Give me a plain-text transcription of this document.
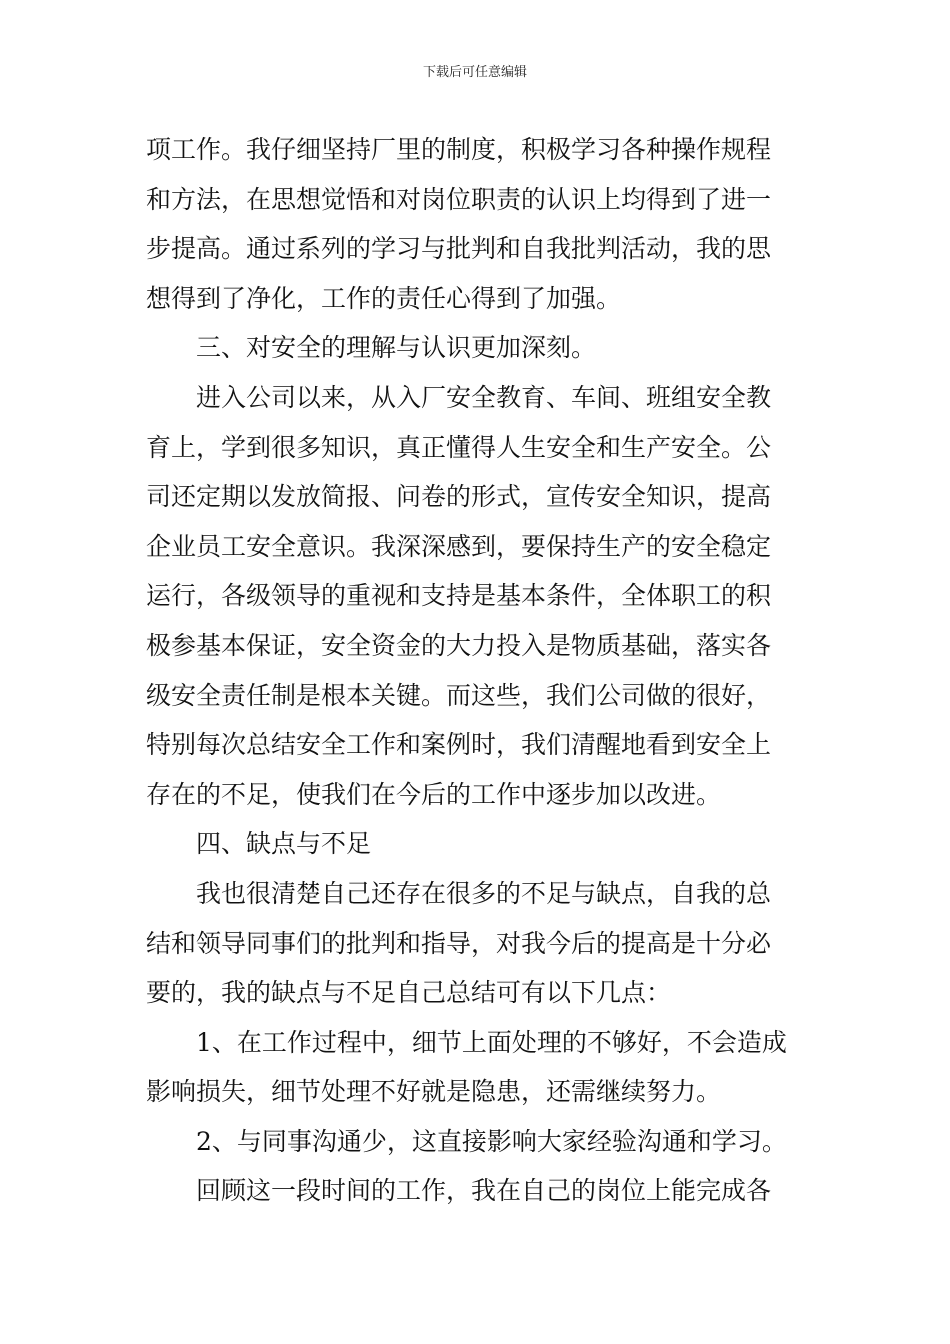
下载后可任意编辑
项工作。我仔细坚持厂里的制度，积极学习各种操作规程
和方法，在思想觉悟和对岗位职责的认识上均得到了进一
步提高。通过系列的学习与批判和自我批判活动，我的思
想得到了净化，工作的责任心得到了加强。
三、对安全的理解与认识更加深刻。
进入公司以来，从入厂安全教育、车间、班组安全教
育上，学到很多知识，真正懂得人生安全和生产安全。公
司还定期以发放简报、问卷的形式，宣传安全知识，提高
企业员工安全意识。我深深感到，要保持生产的安全稳定
运行，各级领导的重视和支持是基本条件，全体职工的积
极参基本保证，安全资金的大力投入是物质基础，落实各
级安全责任制是根本关键。而这些，我们公司做的很好，
特别每次总结安全工作和案例时，我们清醒地看到安全上
存在的不足，使我们在今后的工作中逐步加以改进。
四、缺点与不足
我也很清楚自己还存在很多的不足与缺点，自我的总
结和领导同事们的批判和指导，对我今后的提高是十分必
要的，我的缺点与不足自己总结可有以下几点：
1、在工作过程中，细节上面处理的不够好，不会造成
影响损失，细节处理不好就是隐患，还需继续努力。
2、与同事沟通少，这直接影响大家经验沟通和学习。
回顾这一段时间的工作，我在自己的岗位上能完成各
